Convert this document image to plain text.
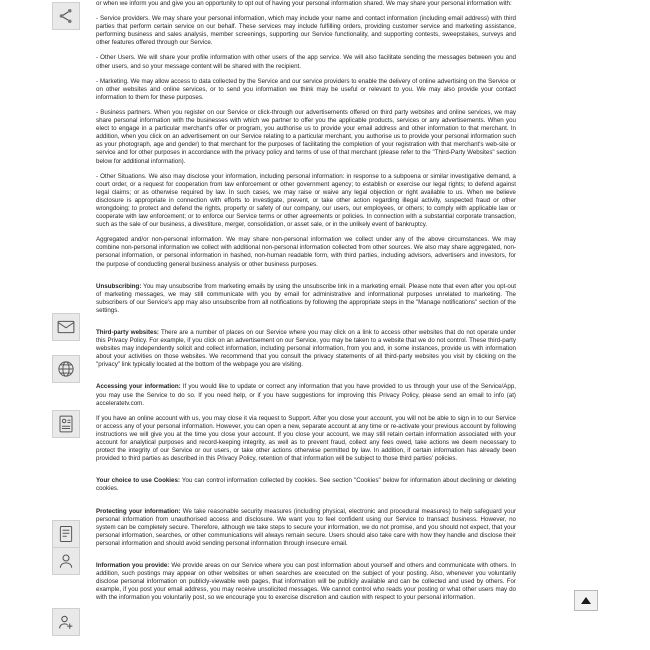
or when we inform you and give you an opportunity to opt out of having your personal information shared. We may share your personal information with:

- Service providers. We may share your personal information, which may include your name and contact information (including email address) with third parties that perform certain service on our behalf. These services may include fulfilling orders, providing customer service and marketing assistance, performing business and sales analysis, member screenings, supporting our Service functionality, and supporting contests, sweepstakes, surveys and other features offered through our Service.

- Other Users. We will share your profile information with other users of the app service. We will also facilitate sending the messages between you and other users, and so your message content will be shared with the recipient.

- Marketing. We may allow access to data collected by the Service and our service providers to enable the delivery of online advertising on the Service or on other websites and online services, or to send you information we think may be useful or relevant to you. We may also provide your contact information to them for these purposes.

- Business partners. When you register on our Service or click-through our advertisements offered on third party websites and online services, we may share personal information with the businesses with which we partner to offer you the applicable products, services or any advertisements. When you elect to engage in a particular merchant's offer or program, you authorise us to provide your email address and other information to that merchant. In addition, when you click on an advertisement on our Service relating to a particular merchant, you authorise us to provide your personal information such as your photograph, age and gender) to that merchant for the purposes of facilitating the completion of your registration with that merchant's web-site or service and for other purposes in accordance with the privacy policy and terms of use of that merchant (please refer to the "Third-Party Websites" section below for additional information).

- Other Situations. We also may disclose your information, including personal information: in response to a subpoena or similar investigative demand, a court order, or a request for cooperation from law enforcement or other government agency; to establish or exercise our legal rights; to defend against legal claims; or as otherwise required by law. In such cases, we may raise or waive any legal objection or right available to us. When we believe disclosure is appropriate in connection with efforts to investigate, prevent, or take other action regarding illegal activity, suspected fraud or other wrongdoing; to protect and defend the rights, property or safety of our company, our users, our employees, or others; to comply with applicable law or cooperate with law enforcement; or to enforce our Service terms or other agreements or policies. In connection with a substantial corporate transaction, such as the sale of our business, a divestiture, merger, consolidation, or asset sale, or in the unlikely event of bankruptcy.

Aggregated and/or non-personal information. We may share non-personal information we collect under any of the above circumstances. We may combine non-personal information we collect with additional non-personal information collected from other sources. We also may share aggregated, non-personal information, or personal information in hashed, non-human readable form, with third parties, including advisors, advertisers and investors, for the purpose of conducting general business analysis or other business purposes.

Unsubscribing: You may unsubscribe from marketing emails by using the unsubscribe link in a marketing email. Please note that even after you opt-out of marketing messages, we may still communicate with you by email for administrative and informational purposes unrelated to marketing. The subscribers of our Service's app may also unsubscribe from all notifications by following the appropriate steps in the "Manage notifications" section of the settings.

Third-party websites: There are a number of places on our Service where you may click on a link to access other websites that do not operate under this Privacy Policy. For example, if you click on an advertisement on our Service, you may be taken to a website that we do not control. These third-party websites may independently solicit and collect information, including personal information, from you and, in some instances, provide us with information about your activities on those websites. We recommend that you consult the privacy statements of all third-party websites you visit by clicking on the "privacy" link typically located at the bottom of the webpage you are visiting.

Accessing your information: If you would like to update or correct any information that you have provided to us through your use of the Service/App, you may use the Service to do so. If you need help, or if you have suggestions for improving this Privacy Policy, please send an email to info (at) acceleratetv.com.

If you have an online account with us, you may close it via request to Support. After you close your account, you will not be able to sign in to our Service or access any of your personal information. However, you can open a new, separate account at any time or re-activate your previous account by following instructions we will give you at the time you close your account. If you close your account, we may still retain certain information associated with your account for analytical purposes and record-keeping integrity, as well as to prevent fraud, collect any fees owed, take actions we deem necessary to protect the integrity of our Service or our users, or take other actions otherwise permitted by law. In addition, if certain information has already been provided to third parties as described in this Privacy Policy, retention of that information will be subject to those third parties' policies.

Your choice to use Cookies: You can control information collected by cookies. See section "Cookies" below for information about declining or deleting cookies.

Protecting your information: We take reasonable security measures (including physical, electronic and procedural measures) to help safeguard your personal information from unauthorised access and disclosure. We want you to feel confident using our Service to transact business. However, no system can be completely secure. Therefore, although we take steps to secure your information, we do not promise, and you should not expect, that your personal information, searches, or other communications will always remain secure. Users should also take care with how they handle and disclose their personal information and should avoid sending personal information through insecure email.

Information you provide: We provide areas on our Service where you can post information about yourself and others and communicate with others. In addition, such postings may appear on other websites or when searches are executed on the subject of your posting. Also, whenever you voluntarily disclose personal information on publicly-viewable web pages, that information will be publicly available and can be collected and used by others. For example, if you post your email address, you may receive unsolicited messages. We cannot control who reads your posting or what other users may do with the information you voluntarily post, so we encourage you to exercise discretion and caution with respect to your personal information.
